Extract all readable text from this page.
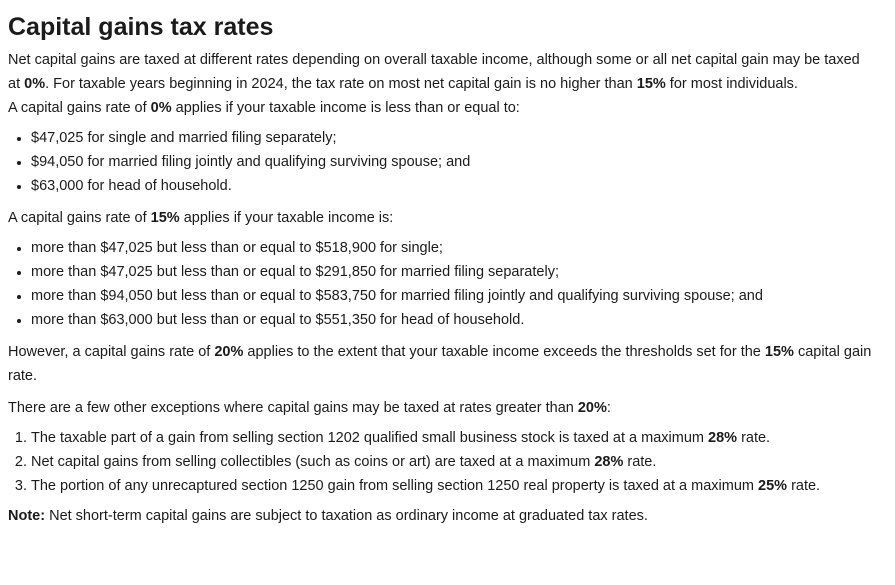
Capital gains tax rates

Net capital gains are taxed at different rates depending on overall taxable income, although some or all net capital gain may be taxed at 0%. For taxable years beginning in 2024, the tax rate on most net capital gain is no higher than 15% for most individuals.

A capital gains rate of 0% applies if your taxable income is less than or equal to:

• $47,025 for single and married filing separately;
• $94,050 for married filing jointly and qualifying surviving spouse; and
• $63,000 for head of household.

A capital gains rate of 15% applies if your taxable income is:

• more than $47,025 but less than or equal to $518,900 for single;
• more than $47,025 but less than or equal to $291,850 for married filing separately;
• more than $94,050 but less than or equal to $583,750 for married filing jointly and qualifying surviving spouse; and
• more than $63,000 but less than or equal to $551,350 for head of household.

However, a capital gains rate of 20% applies to the extent that your taxable income exceeds the thresholds set for the 15% capital gain rate.

There are a few other exceptions where capital gains may be taxed at rates greater than 20%:

1. The taxable part of a gain from selling section 1202 qualified small business stock is taxed at a maximum 28% rate.
2. Net capital gains from selling collectibles (such as coins or art) are taxed at a maximum 28% rate.
3. The portion of any unrecaptured section 1250 gain from selling section 1250 real property is taxed at a maximum 25% rate.

Note: Net short-term capital gains are subject to taxation as ordinary income at graduated tax rates.
